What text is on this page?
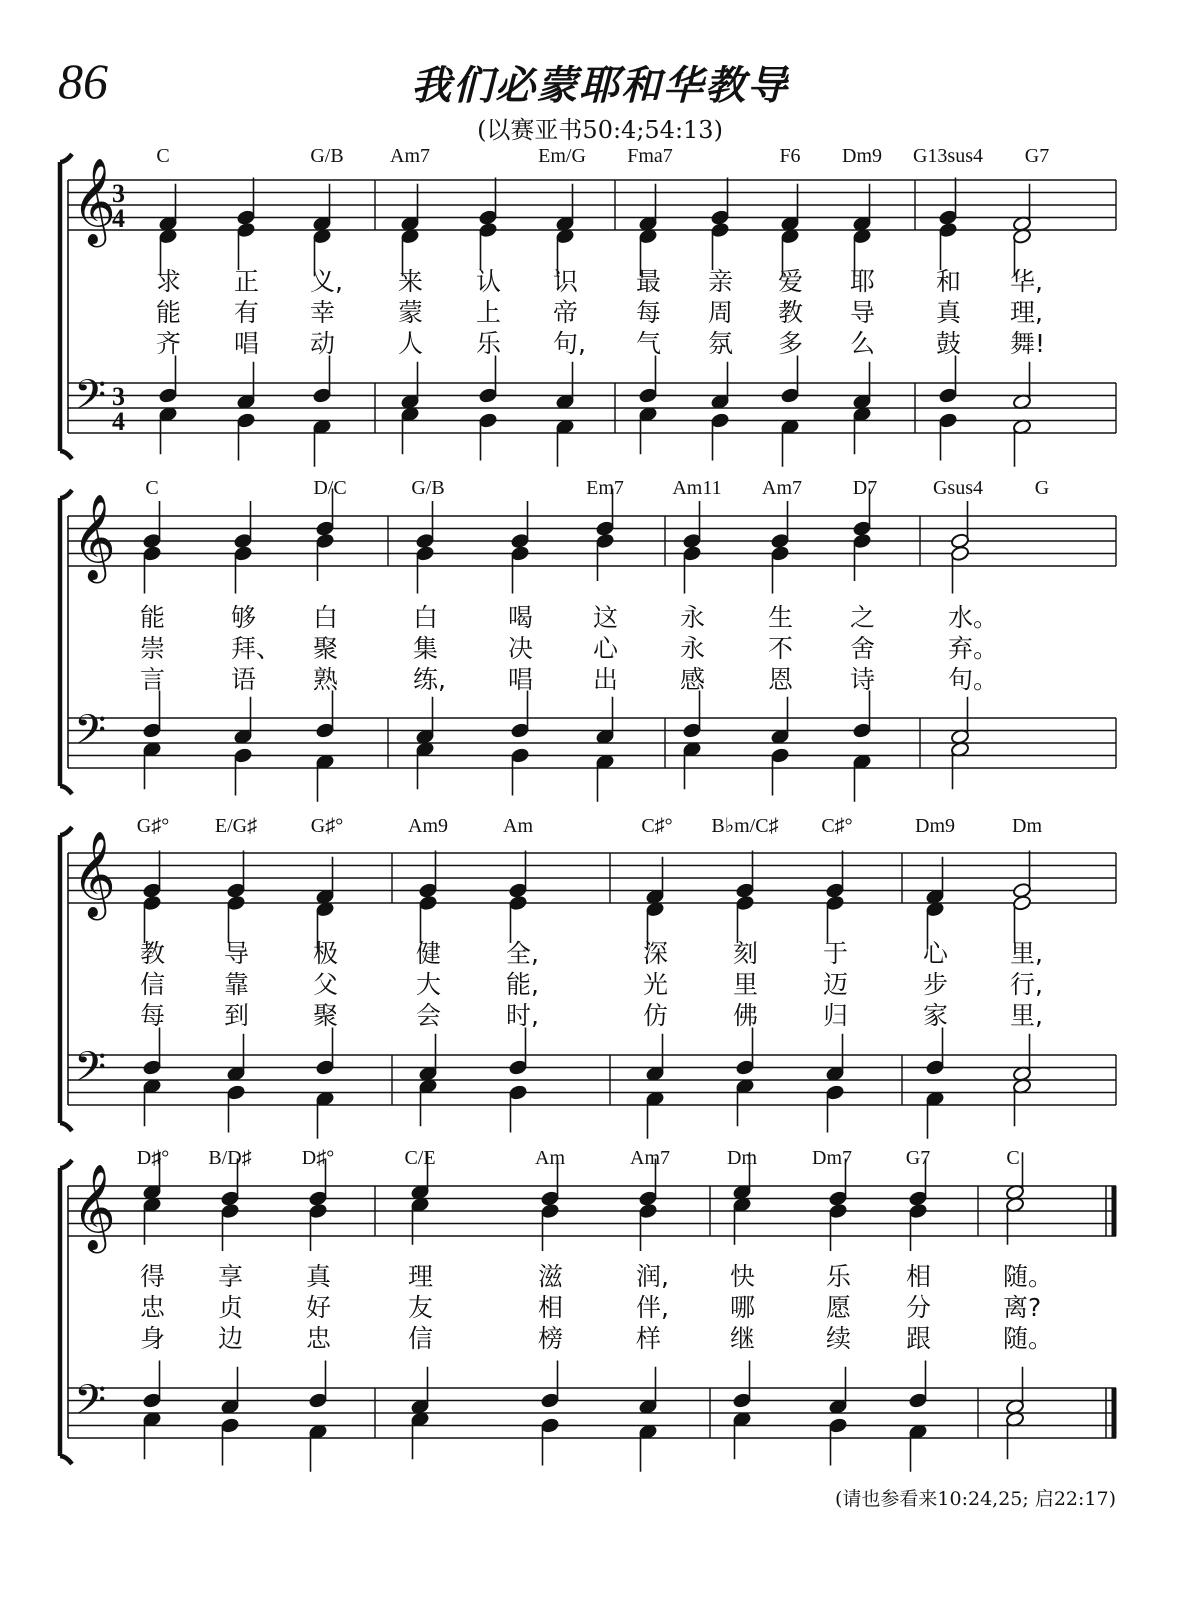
86	我们必蒙耶和华教导
(以赛亚书50:4;54:13)
𝄞
𝄢
3
4
3
4
C	G/B Am7	Em/G Fma7	F6 Dm9 G13sus4 G7
求 正 义, 来 认 识 最 亲 爱 耶 和 华,
能 有 幸	蒙 上 帝 每 周 教 导 真 理,
齐 唱 动	人 乐 句, 气 氛 多 么 鼓 舞!
𝄞
𝄢
C	D/C	G/B	Em7 Am11 Am7	D7	Gsus4	G
能	够 白	白	喝 这 永	生 之	水。
崇	拜、 聚	集	决 心 永	不 舍	弃。
言	语 熟	练, 唱 出 感	恩 诗	句。
𝄞
𝄢
G♯° E/G♯	G♯°	Am9	Am	C♯° B♭m/C♯ C♯°	Dm9	Dm
教 导	极	健	全,	深	刻	于	心 里,
信 靠	父	大	能,	光	里	迈	步 行,
每 到	聚	会	时,	仿	佛	归	家 里,
𝄞
𝄢
D♯° B/D♯	D♯°	C/E	Am	Am7	Dm	Dm7	G7	C
得 享	真	理	滋	润, 快	乐 相	随。
忠 贞	好	友	相	伴, 哪	愿 分	离?
身 边	忠	信	榜	样	继	续 跟	随。
(请也参看来10:24,25; 启22:17)
